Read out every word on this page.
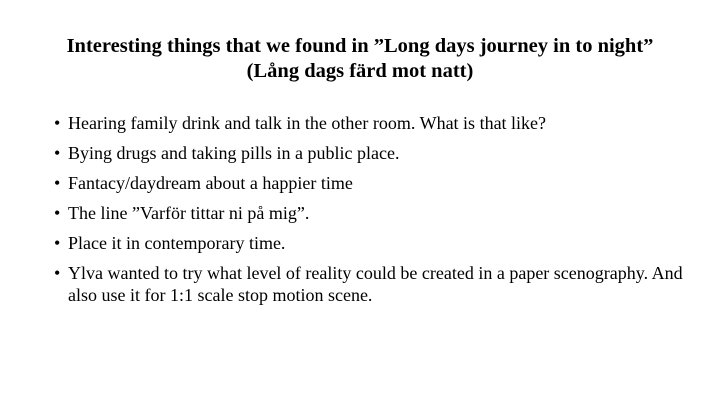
Interesting things that we found in ”Long days journey in to night” (Lång dags färd mot natt)
• Hearing family drink and talk in the other room. What is that like?
• Bying drugs and taking pills in a public place.
• Fantacy/daydream about a happier time
• The line ”Varför tittar ni på mig”.
• Place it in contemporary time.
• Ylva wanted to try what level of reality could be created in a paper scenography. And also use it for 1:1 scale stop motion scene.
